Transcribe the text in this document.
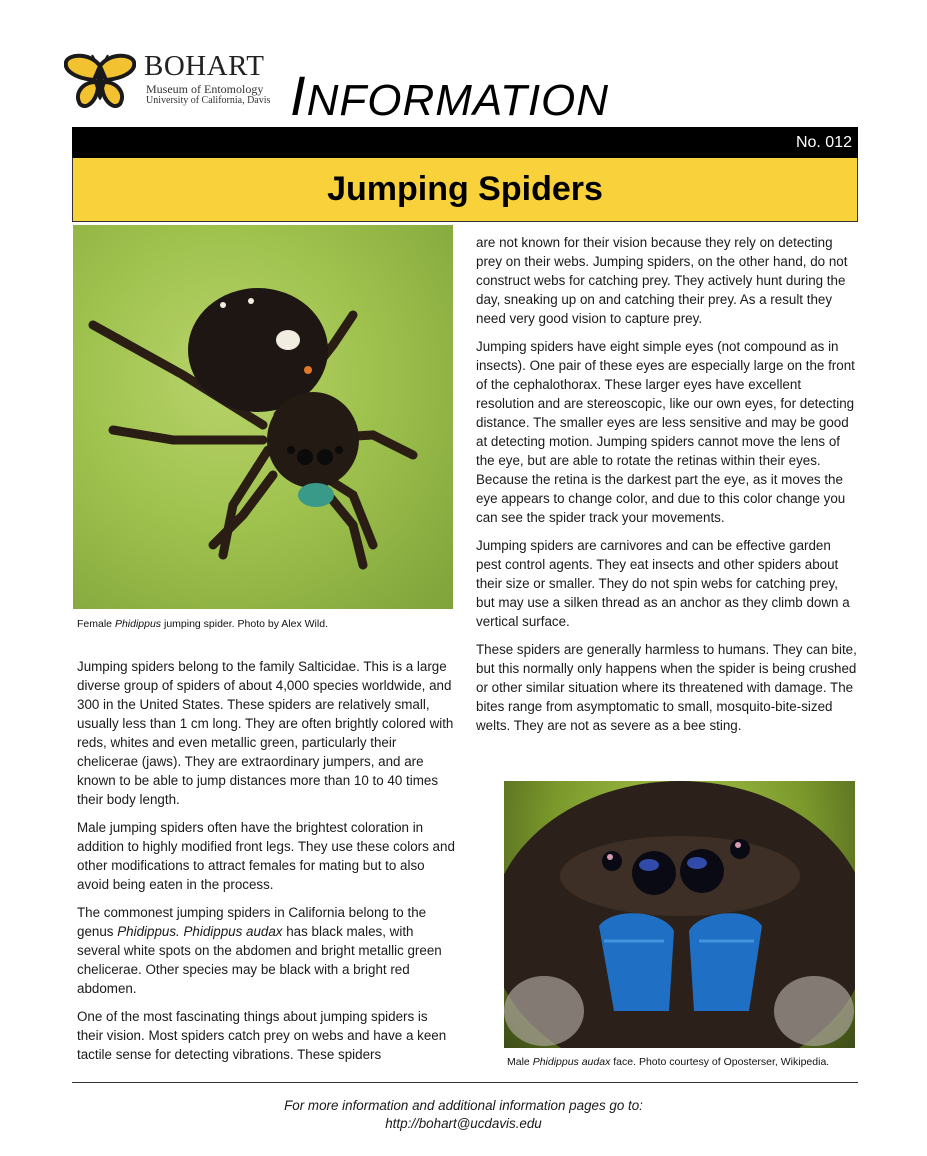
BOHART
Museum of Entomology
University of California, Davis INFORMATION
No. 012
Jumping Spiders
Female Phidippus jumping spider. Photo by Alex Wild.

Jumping spiders belong to the family Salticidae. This is a large diverse group of spiders of about 4,000 species worldwide, and 300 in the United States. These spiders are relatively small, usually less than 1 cm long. They are often brightly colored with reds, whites and even metallic green, particularly their chelicerae (jaws). They are extraordinary jumpers, and are known to be able to jump distances more than 10 to 40 times their body length.

Male jumping spiders often have the brightest coloration in addition to highly modified front legs. They use these colors and other modifications to attract females for mating but to also avoid being eaten in the process.

The commonest jumping spiders in California belong to the genus Phidippus. Phidippus audax has black males, with several white spots on the abdomen and bright metallic green chelicerae. Other species may be black with a bright red abdomen.

One of the most fascinating things about jumping spiders is their vision. Most spiders catch prey on webs and have a keen tactile sense for detecting vibrations. These spiders

are not known for their vision because they rely on detecting prey on their webs. Jumping spiders, on the other hand, do not construct webs for catching prey. They actively hunt during the day, sneaking up on and catching their prey. As a result they need very good vision to capture prey.

Jumping spiders have eight simple eyes (not compound as in insects). One pair of these eyes are especially large on the front of the cephalothorax. These larger eyes have excellent resolution and are stereoscopic, like our own eyes, for detecting distance. The smaller eyes are less sensitive and may be good at detecting motion. Jumping spiders cannot move the lens of the eye, but are able to rotate the retinas within their eyes. Because the retina is the darkest part the eye, as it moves the eye appears to change color, and due to this color change you can see the spider track your movements.

Jumping spiders are carnivores and can be effective garden pest control agents. They eat insects and other spiders about their size or smaller. They do not spin webs for catching prey, but may use a silken thread as an anchor as they climb down a vertical surface.

These spiders are generally harmless to humans. They can bite, but this normally only happens when the spider is being crushed or other similar situation where its threatened with damage. The bites range from asymptomatic to small, mosquito-bite-sized welts. They are not as severe as a bee sting.

Male Phidippus audax face. Photo courtesy of Oposterser, Wikipedia.
For more information and additional information pages go to:
http://bohart@ucdavis.edu
